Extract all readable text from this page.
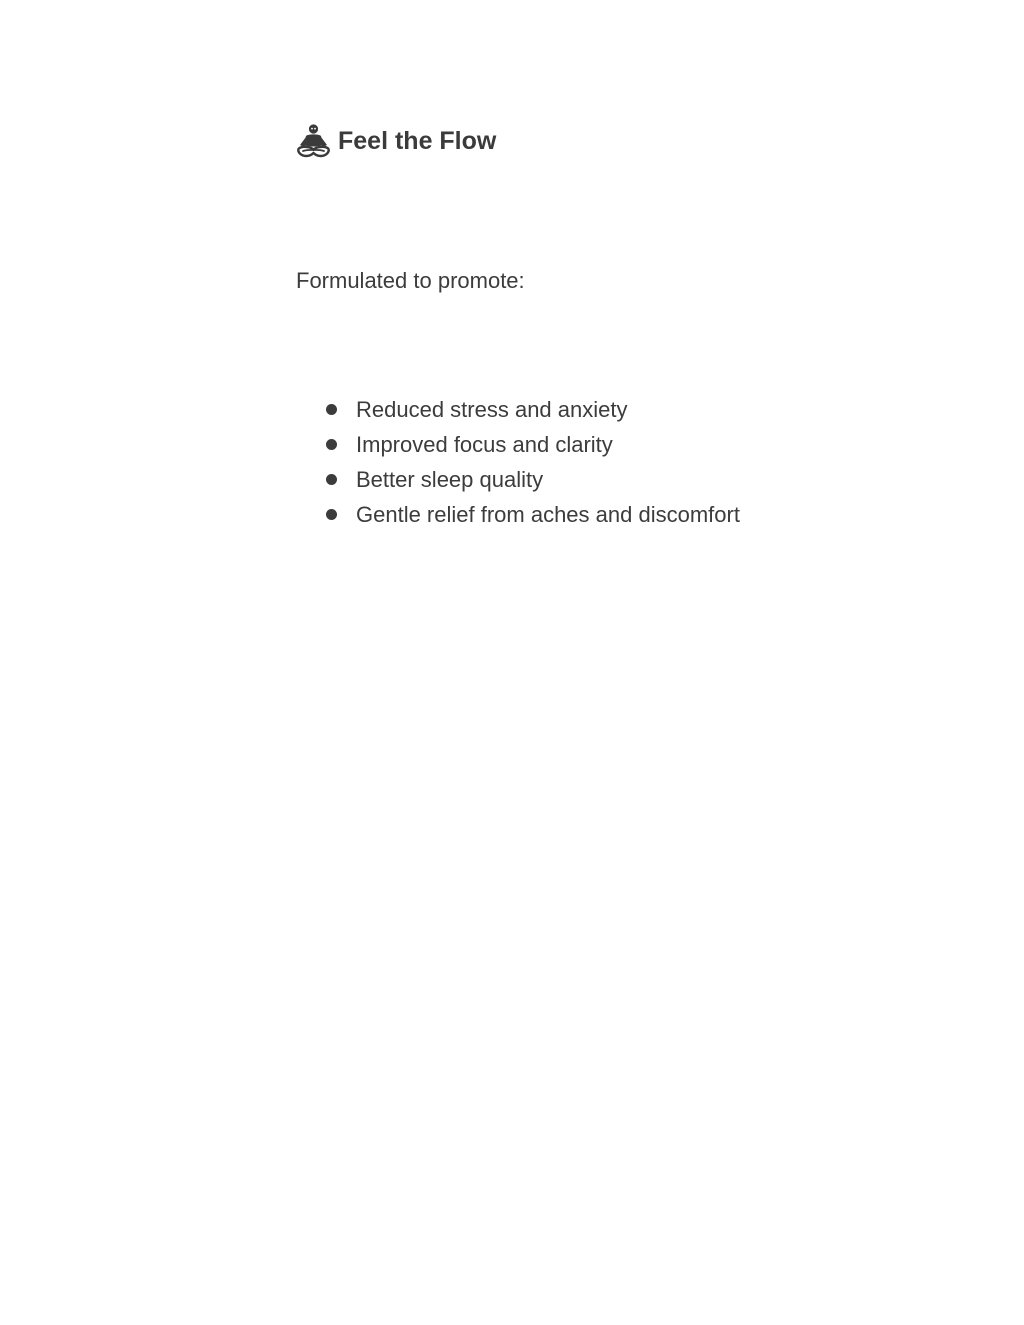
Feel the Flow
Formulated to promote:
Reduced stress and anxiety
Improved focus and clarity
Better sleep quality
Gentle relief from aches and discomfort
